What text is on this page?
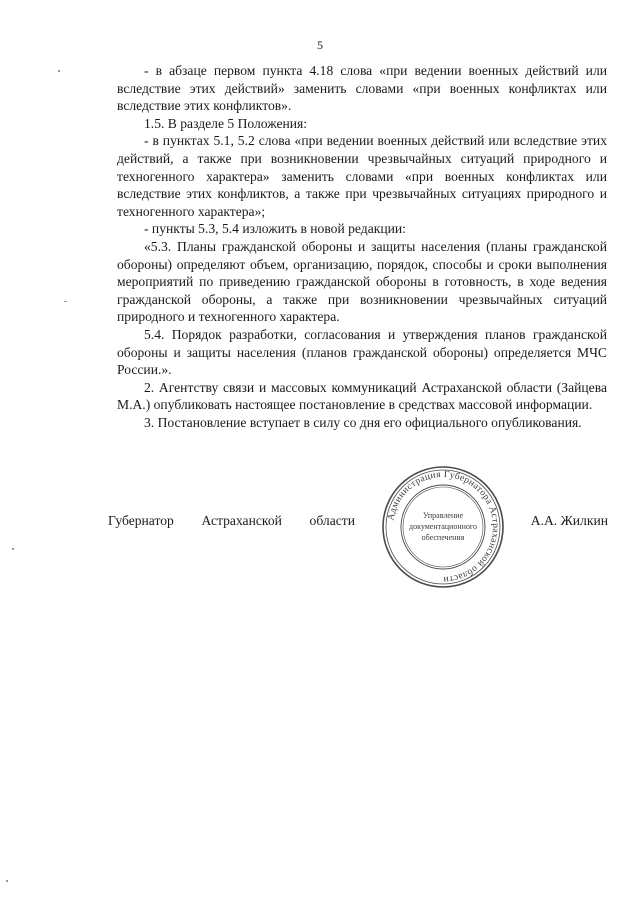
5

- в абзаце первом пункта 4.18 слова «при ведении военных действий или вследствие этих действий» заменить словами «при военных конфликтах или вследствие этих конфликтов».

1.5. В разделе 5 Положения:

- в пунктах 5.1, 5.2 слова «при ведении военных действий или вследствие этих действий, а также при возникновении чрезвычайных ситуаций природного и техногенного характера» заменить словами «при военных конфликтах или вследствие этих конфликтов, а также при чрезвычайных ситуациях природного и техногенного характера»;

- пункты 5.3, 5.4 изложить в новой редакции:

«5.3. Планы гражданской обороны и защиты населения (планы гражданской обороны) определяют объем, организацию, порядок, способы и сроки выполнения мероприятий по приведению гражданской обороны в готовность, в ходе ведения гражданской обороны, а также при возникновении чрезвычайных ситуаций природного и техногенного характера.

5.4. Порядок разработки, согласования и утверждения планов гражданской обороны и защиты населения (планов гражданской обороны) определяется МЧС России.».

2. Агентству связи и массовых коммуникаций Астраханской области (Зайцева М.А.) опубликовать настоящее постановление в средствах массовой информации.

3. Постановление вступает в силу со дня его официального опубликования.

Губернатор Астраханской области	А.А. Жилкин
Администрация Губернатора Астраханской области
Управление
документационного
обеспечения
